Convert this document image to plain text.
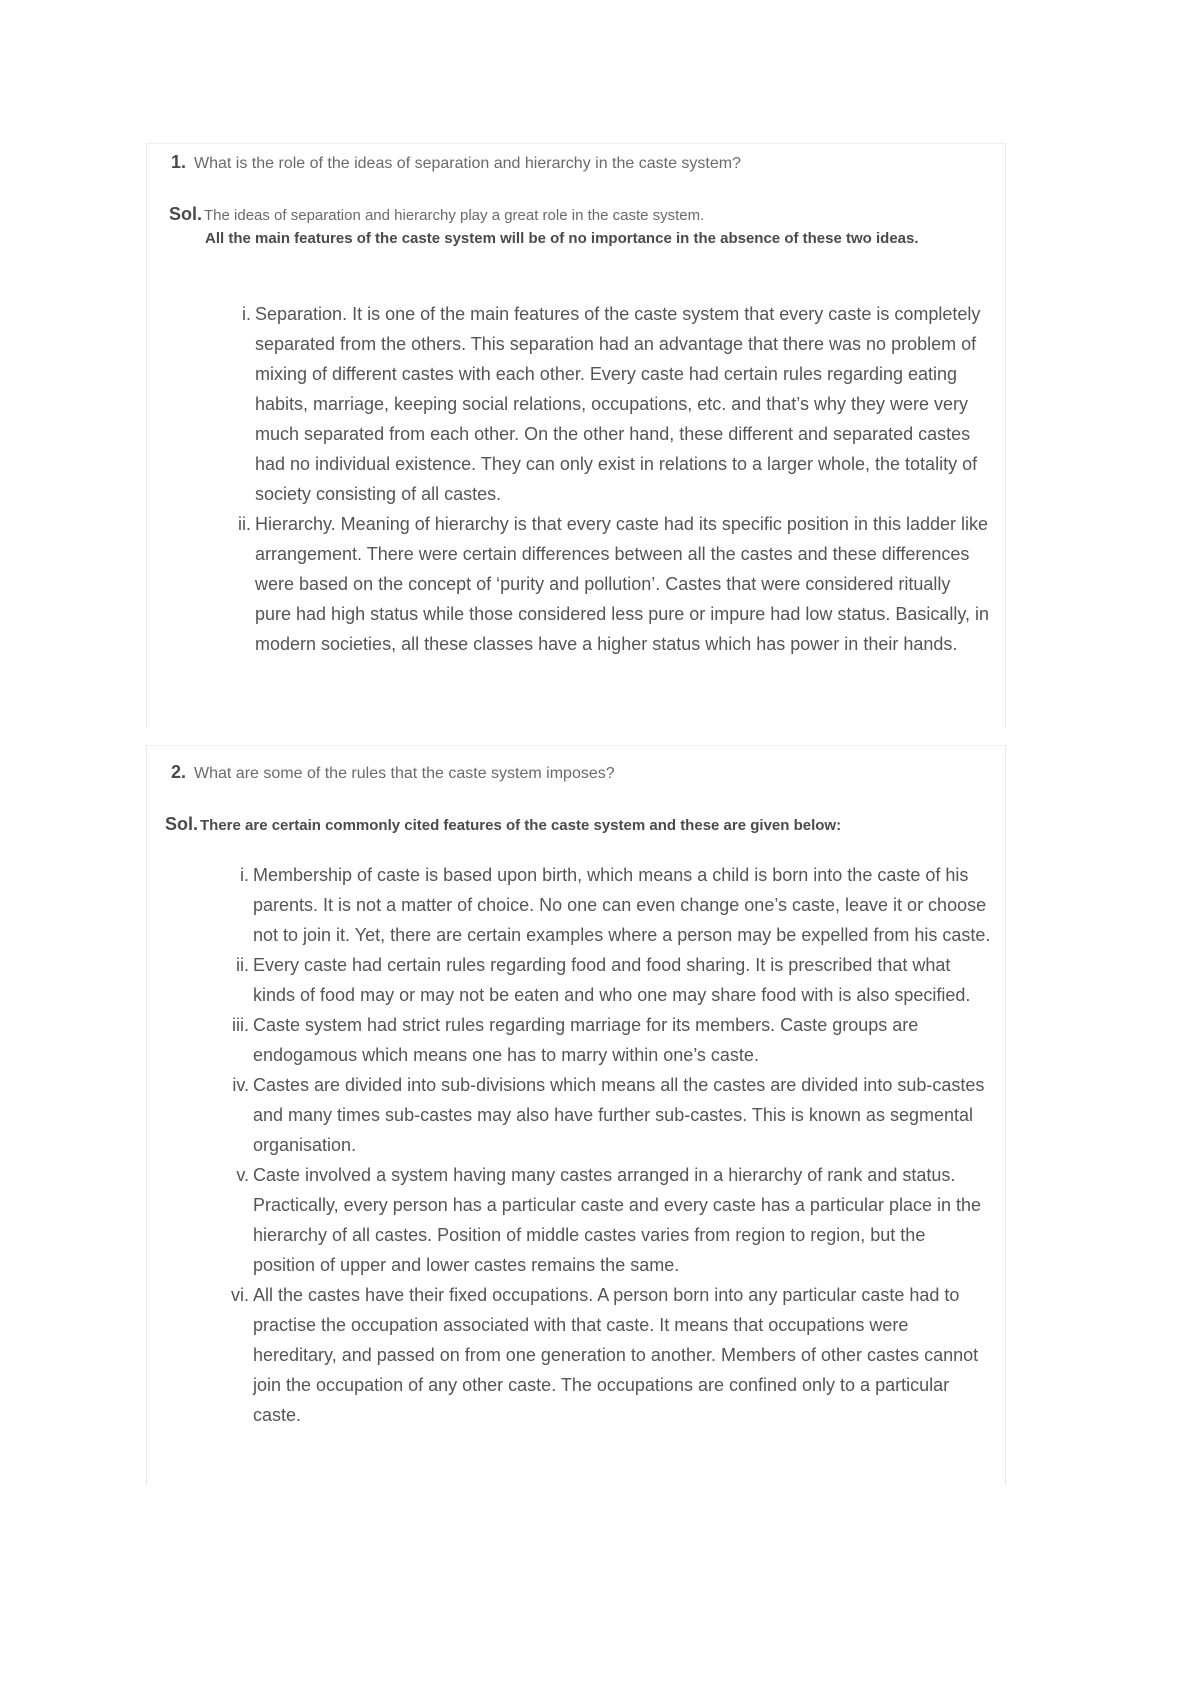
1. What is the role of the ideas of separation and hierarchy in the caste system?
Sol. The ideas of separation and hierarchy play a great role in the caste system.
All the main features of the caste system will be of no importance in the absence of these two ideas.
i. Separation. It is one of the main features of the caste system that every caste is completely separated from the others. This separation had an advantage that there was no problem of mixing of different castes with each other. Every caste had certain rules regarding eating habits, marriage, keeping social relations, occupations, etc. and that’s why they were very much separated from each other. On the other hand, these different and separated castes had no individual existence. They can only exist in relations to a larger whole, the totality of society consisting of all castes.
ii. Hierarchy. Meaning of hierarchy is that every caste had its specific position in this ladder like arrangement. There were certain differences between all the castes and these differences were based on the concept of ‘purity and pollution’. Castes that were considered ritually pure had high status while those considered less pure or impure had low status. Basically, in modern societies, all these classes have a higher status which has power in their hands.
2. What are some of the rules that the caste system imposes?
Sol. There are certain commonly cited features of the caste system and these are given below:
i. Membership of caste is based upon birth, which means a child is born into the caste of his parents. It is not a matter of choice. No one can even change one’s caste, leave it or choose not to join it. Yet, there are certain examples where a person may be expelled from his caste.
ii. Every caste had certain rules regarding food and food sharing. It is prescribed that what kinds of food may or may not be eaten and who one may share food with is also specified.
iii. Caste system had strict rules regarding marriage for its members. Caste groups are endogamous which means one has to marry within one’s caste.
iv. Castes are divided into sub-divisions which means all the castes are divided into sub-castes and many times sub-castes may also have further sub-castes. This is known as segmental organisation.
v. Caste involved a system having many castes arranged in a hierarchy of rank and status. Practically, every person has a particular caste and every caste has a particular place in the hierarchy of all castes. Position of middle castes varies from region to region, but the position of upper and lower castes remains the same.
vi. All the castes have their fixed occupations. A person born into any particular caste had to practise the occupation associated with that caste. It means that occupations were hereditary, and passed on from one generation to another. Members of other castes cannot join the occupation of any other caste. The occupations are confined only to a particular caste.
